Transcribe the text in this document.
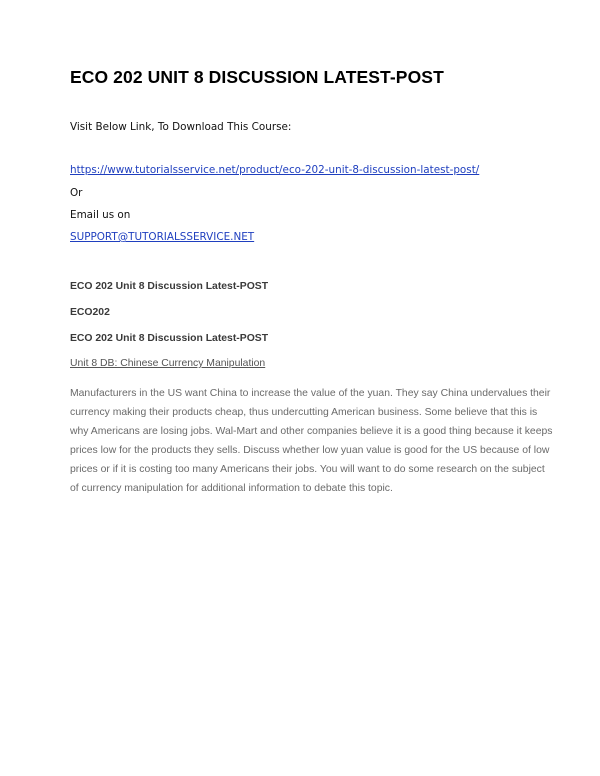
ECO 202 UNIT 8 DISCUSSION LATEST-POST
Visit Below Link, To Download This Course:
https://www.tutorialsservice.net/product/eco-202-unit-8-discussion-latest-post/
Or
Email us on
SUPPORT@TUTORIALSSERVICE.NET
ECO 202 Unit 8 Discussion Latest-POST
ECO202
ECO 202 Unit 8 Discussion Latest-POST
Unit 8 DB: Chinese Currency Manipulation
Manufacturers in the US want China to increase the value of the yuan. They say China undervalues their
currency making their products cheap, thus undercutting American business. Some believe that this is
why Americans are losing jobs. Wal-Mart and other companies believe it is a good thing because it keeps
prices low for the products they sells. Discuss whether low yuan value is good for the US because of low
prices or if it is costing too many Americans their jobs. You will want to do some research on the subject
of currency manipulation for additional information to debate this topic.
